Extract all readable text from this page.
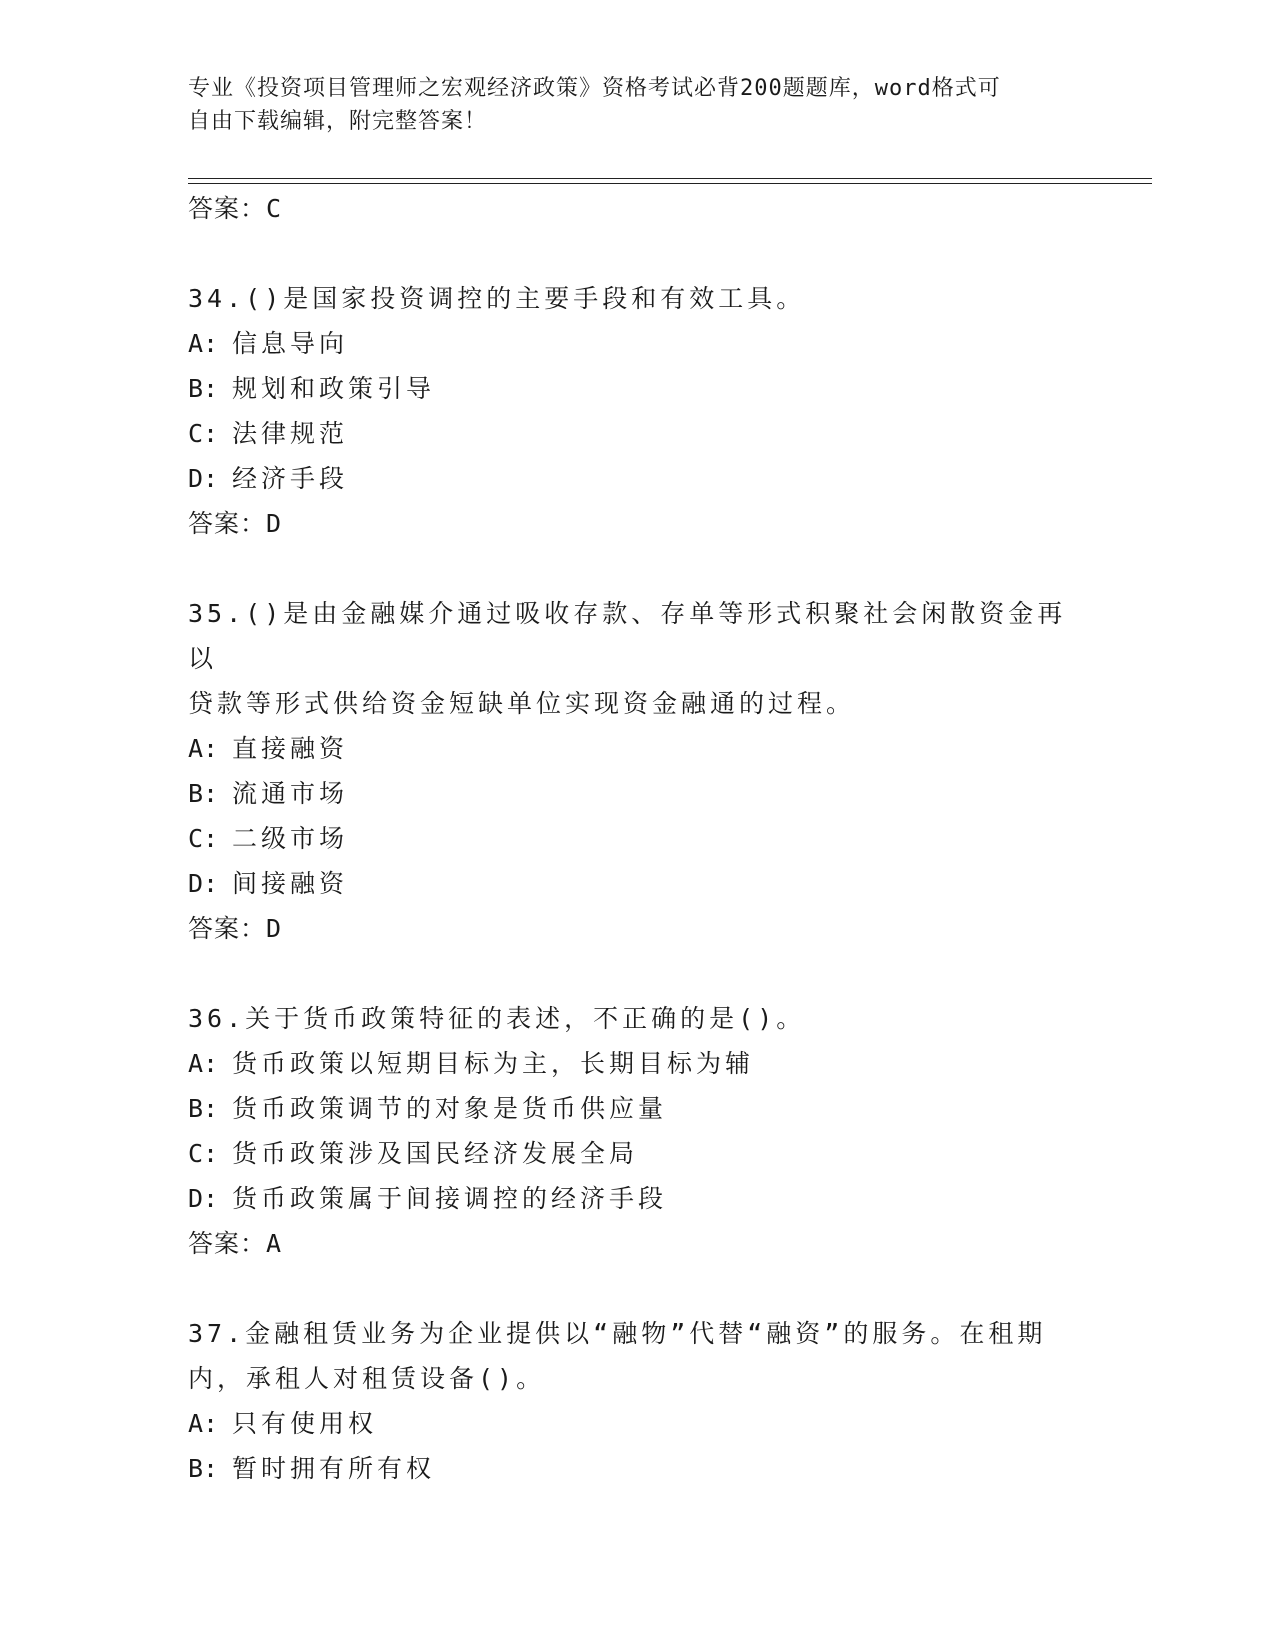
专业《投资项目管理师之宏观经济政策》资格考试必背200题题库，word格式可
自由下载编辑，附完整答案！
答案：C
34.()是国家投资调控的主要手段和有效工具。
A: 信息导向
B: 规划和政策引导
C: 法律规范
D: 经济手段
答案：D
35.()是由金融媒介通过吸收存款、存单等形式积聚社会闲散资金再以
贷款等形式供给资金短缺单位实现资金融通的过程。
A: 直接融资
B: 流通市场
C: 二级市场
D: 间接融资
答案：D
36.关于货币政策特征的表述，不正确的是()。
A: 货币政策以短期目标为主，长期目标为辅
B: 货币政策调节的对象是货币供应量
C: 货币政策涉及国民经济发展全局
D: 货币政策属于间接调控的经济手段
答案：A
37.金融租赁业务为企业提供以“融物”代替“融资”的服务。在租期
内，承租人对租赁设备()。
A: 只有使用权
B: 暂时拥有所有权
